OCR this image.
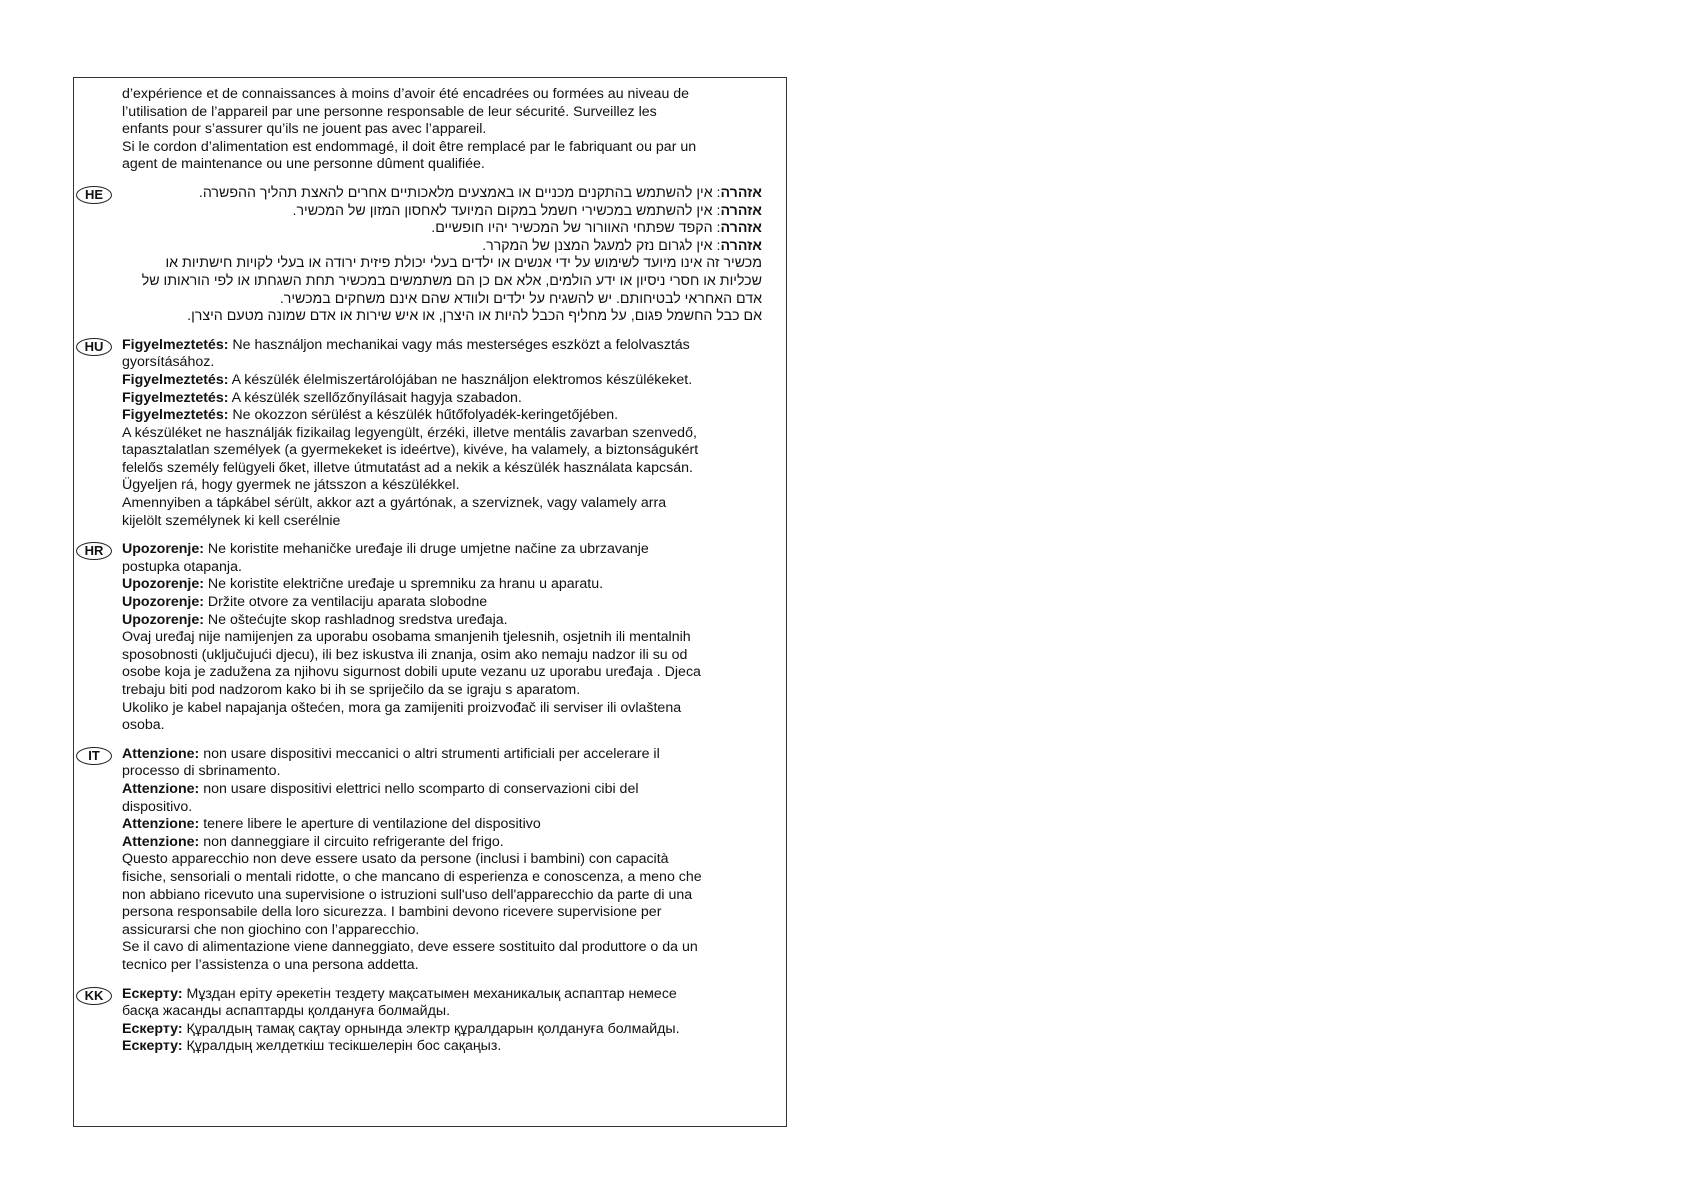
d’expérience et de connaissances à moins d’avoir été encadrées ou formées au niveau de

l’utilisation de l’appareil par une personne responsable de leur sécurité. Surveillez les

enfants pour s’assurer qu’ils ne jouent pas avec l’appareil.

Si le cordon d’alimentation est endommagé, il doit être remplacé par le fabriquant ou par un

agent de maintenance ou une personne dûment qualifiée.

HE	אזהרה: אין להשתמש בהתקנים מכניים או באמצעים מלאכותיים אחרים להאצת תהליך ההפשרה.

אזהרה: אין להשתמש במכשירי חשמל במקום המיועד לאחסון המזון של המכשיר.

אזהרה: הקפד שפתחי האוורור של המכשיר יהיו חופשיים.

אזהרה: אין לגרום נזק למעגל המצנן של המקרר.

מכשיר זה אינו מיועד לשימוש על ידי אנשים או ילדים בעלי יכולת פיזית ירודה או בעלי לקויות חישתיות או

שכליות או חסרי ניסיון או ידע הולמים, אלא אם כן הם משתמשים במכשיר תחת השגחתו או לפי הוראותו של

אדם האחראי לבטיחותם. יש להשגיח על ילדים ולוודא שהם אינם משחקים במכשיר.

אם כבל החשמל פגום, על מחליף הכבל להיות או היצרן, או איש שירות או אדם שמונה מטעם היצרן.

HU	Figyelmeztetés: Ne használjon mechanikai vagy más mesterséges eszközt a felolvasztás

gyorsításához.

Figyelmeztetés: A készülék élelmiszertárolójában ne használjon elektromos készülékeket.

Figyelmeztetés: A készülék szellőzőnyílásait hagyja szabadon.

Figyelmeztetés: Ne okozzon sérülést a készülék hűtőfolyadék-keringetőjében.

A készüléket ne használják fizikailag legyengült, érzéki, illetve mentális zavarban szenvedő,

tapasztalatlan személyek (a gyermekeket is ideértve), kivéve, ha valamely, a biztonságukért

felelős személy felügyeli őket, illetve útmutatást ad a nekik a készülék használata kapcsán.

Ügyeljen rá, hogy gyermek ne játsszon a készülékkel.

Amennyiben a tápkábel sérült, akkor azt a gyártónak, a szerviznek, vagy valamely arra

kijelölt személynek ki kell cserélnie

HR	Upozorenje: Ne koristite mehaničke uređaje ili druge umjetne načine za ubrzavanje

postupka otapanja.

Upozorenje: Ne koristite električne uređaje u spremniku za hranu u aparatu.

Upozorenje: Držite otvore za ventilaciju aparata slobodne

Upozorenje: Ne oštećujte skop rashladnog sredstva uređaja.

Ovaj uređaj nije namijenjen za uporabu osobama smanjenih tjelesnih, osjetnih ili mentalnih

sposobnosti (uključujući djecu), ili bez iskustva ili znanja, osim ako nemaju nadzor ili su od

osobe koja je zadužena za njihovu sigurnost dobili upute vezanu uz uporabu uređaja . Djeca

trebaju biti pod nadzorom kako bi ih se spriječilo da se igraju s aparatom.

Ukoliko je kabel napajanja oštećen, mora ga zamijeniti proizvođač ili serviser ili ovlaštena

osoba.

IT	Attenzione: non usare dispositivi meccanici o altri strumenti artificiali per accelerare il

processo di sbrinamento.

Attenzione: non usare dispositivi elettrici nello scomparto di conservazioni cibi del

dispositivo.

Attenzione: tenere libere le aperture di ventilazione del dispositivo

Attenzione: non danneggiare il circuito refrigerante del frigo.

Questo apparecchio non deve essere usato da persone (inclusi i bambini) con capacità

fisiche, sensoriali o mentali ridotte, o che mancano di esperienza e conoscenza, a meno che

non abbiano ricevuto una supervisione o istruzioni sull'uso dell'apparecchio da parte di una

persona responsabile della loro sicurezza. I bambini devono ricevere supervisione per

assicurarsi che non giochino con l’apparecchio.

Se il cavo di alimentazione viene danneggiato, deve essere sostituito dal produttore o da un

tecnico per l’assistenza o una persona addetta.

KK	Ескерту: Мұздан еріту әрекетін тездету мақсатымен механикалық аспаптар немесе

басқа жасанды аспаптарды қолдануға болмайды.

Ескерту: Құралдың тамақ сақтау орнында электр құралдарын қолдануға болмайды.

Ескерту: Құралдың желдеткіш тесікшелерін бос сақаңыз.
